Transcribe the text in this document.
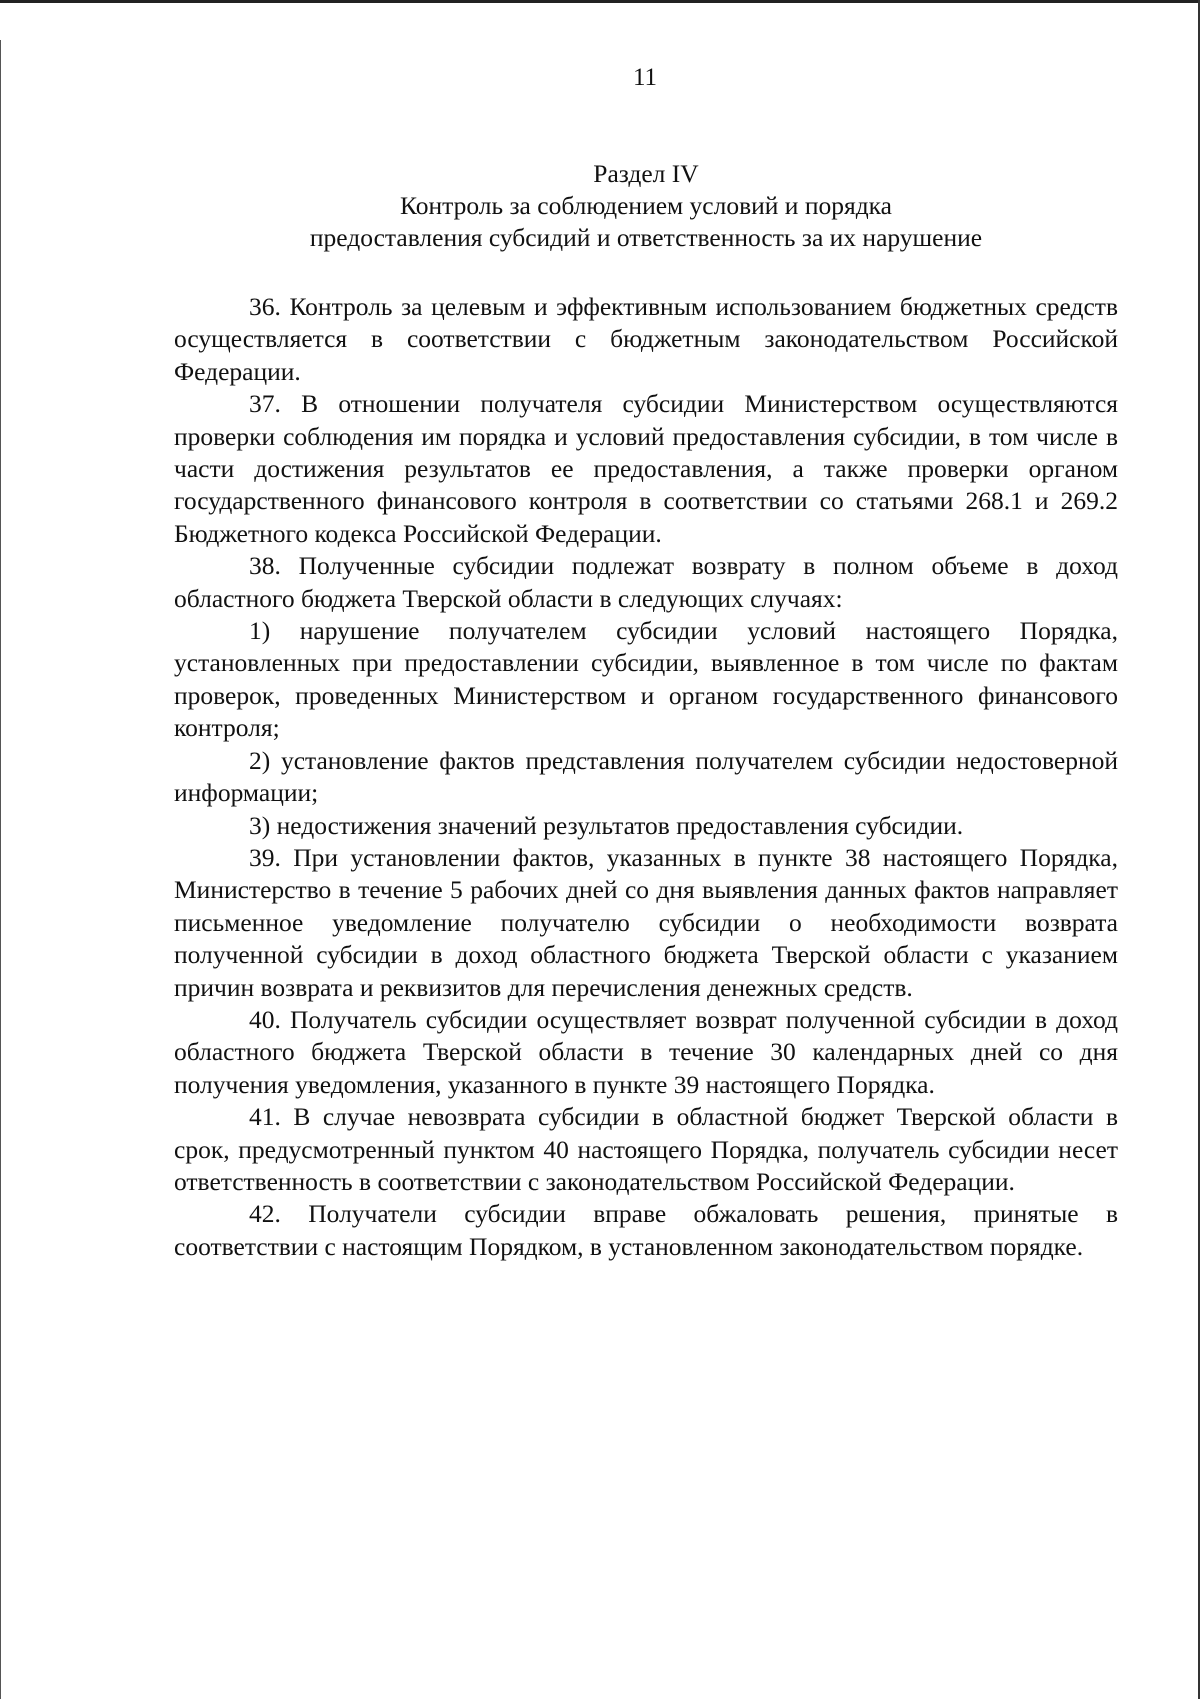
11
Раздел IV
Контроль за соблюдением условий и порядка
предоставления субсидий и ответственность за их нарушение

36. Контроль за целевым и эффективным использованием бюджетных средств осуществляется в соответствии с бюджетным законодательством Российской Федерации.

37. В отношении получателя субсидии Министерством осуществляются проверки соблюдения им порядка и условий предоставления субсидии, в том числе в части достижения результатов ее предоставления, а также проверки органом государственного финансового контроля в соответствии со статьями 268.1 и 269.2 Бюджетного кодекса Российской Федерации.

38. Полученные субсидии подлежат возврату в полном объеме в доход областного бюджета Тверской области в следующих случаях:

1) нарушение получателем субсидии условий настоящего Порядка, установленных при предоставлении субсидии, выявленное в том числе по фактам проверок, проведенных Министерством и органом государственного финансового контроля;

2) установление фактов представления получателем субсидии недостоверной информации;

3) недостижения значений результатов предоставления субсидии.

39. При установлении фактов, указанных в пункте 38 настоящего Порядка, Министерство в течение 5 рабочих дней со дня выявления данных фактов направляет письменное уведомление получателю субсидии о необходимости возврата полученной субсидии в доход областного бюджета Тверской области с указанием причин возврата и реквизитов для перечисления денежных средств.

40. Получатель субсидии осуществляет возврат полученной субсидии в доход областного бюджета Тверской области в течение 30 календарных дней со дня получения уведомления, указанного в пункте 39 настоящего Порядка.

41. В случае невозврата субсидии в областной бюджет Тверской области в срок, предусмотренный пунктом 40 настоящего Порядка, получатель субсидии несет ответственность в соответствии с законодательством Российской Федерации.

42. Получатели субсидии вправе обжаловать решения, принятые в соответствии с настоящим Порядком, в установленном законодательством порядке.
